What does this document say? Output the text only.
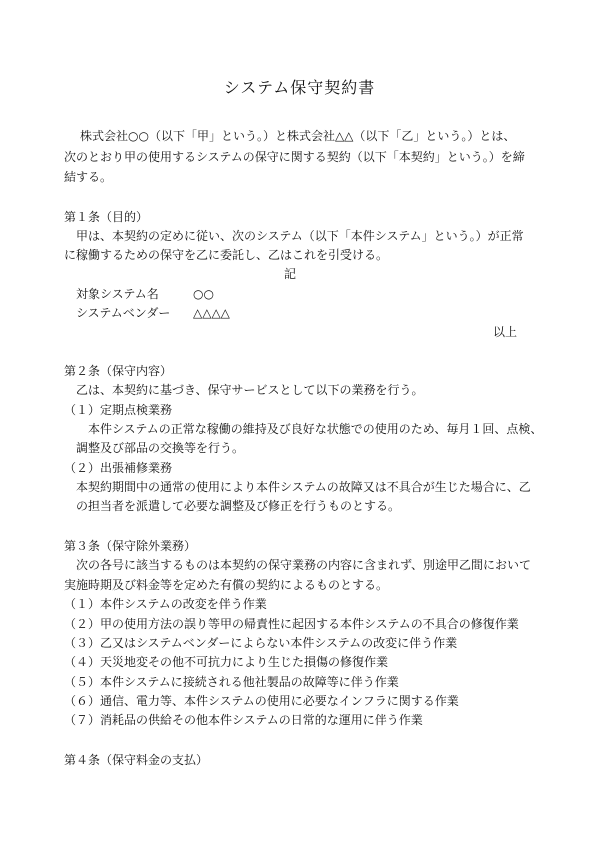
システム保守契約書
株式会社○○（以下「甲」という。）と株式会社△△（以下「乙」という。）とは、
次のとおり甲の使用するシステムの保守に関する契約（以下「本契約」という。）を締
結する。
第１条（目的）
甲は、本契約の定めに従い、次のシステム（以下「本件システム」という。）が正常
に稼働するための保守を乙に委託し、乙はこれを引受ける。
記
対象システム名	○○
システムベンダー △△△△
以上
第２条（保守内容）
乙は、本契約に基づき、保守サービスとして以下の業務を行う。
（１）定期点検業務
本件システムの正常な稼働の維持及び良好な状態での使用のため、毎月１回、点検、
調整及び部品の交換等を行う。
（２）出張補修業務
本契約期間中の通常の使用により本件システムの故障又は不具合が生じた場合に、乙
の担当者を派遣して必要な調整及び修正を行うものとする。
第３条（保守除外業務）
次の各号に該当するものは本契約の保守業務の内容に含まれず、別途甲乙間において
実施時期及び料金等を定めた有償の契約によるものとする。
（１）本件システムの改変を伴う作業
（２）甲の使用方法の誤り等甲の帰責性に起因する本件システムの不具合の修復作業
（３）乙又はシステムベンダーによらない本件システムの改変に伴う作業
（４）天災地変その他不可抗力により生じた損傷の修復作業
（５）本件システムに接続される他社製品の故障等に伴う作業
（６）通信、電力等、本件システムの使用に必要なインフラに関する作業
（７）消耗品の供給その他本件システムの日常的な運用に伴う作業
第４条（保守料金の支払）
